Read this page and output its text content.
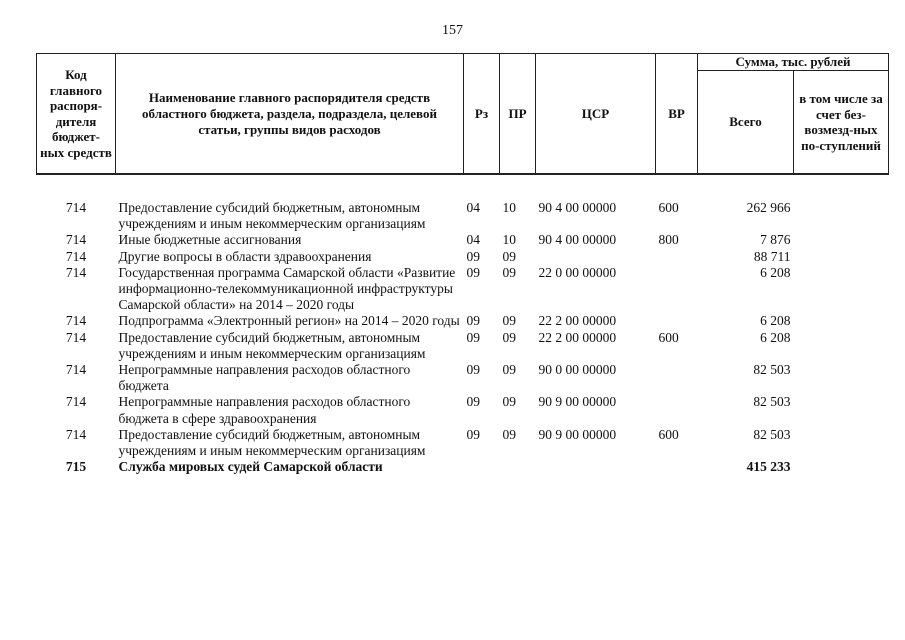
157
Код главного распоря-дителя бюджет-ных средств	Наименование главного распорядителя средств областного бюджета, раздела, подраздела, целевой статьи, группы видов расходов	Рз	ПР	ЦСР	ВР	Сумма, тыс. рублей	
						Всего	в том числе за счет без-возмезд-ных по-ступлений

714	Предоставление субсидий бюджетным, автономным учреждениям и иным некоммерческим организациям	04	10	90 4 00 00000	600	262 966	
714	Иные бюджетные ассигнования	04	10	90 4 00 00000	800	7 876	
714	Другие вопросы в области здравоохранения	09	09			88 711	
714	Государственная программа Самарской области «Развитие информационно-телекоммуникационной инфраструктуры Самарской области» на 2014 – 2020 годы	09	09	22 0 00 00000		6 208	
714	Подпрограмма «Электронный регион» на 2014 – 2020 годы	09	09	22 2 00 00000		6 208	
714	Предоставление субсидий бюджетным, автономным учреждениям и иным некоммерческим организациям	09	09	22 2 00 00000	600	6 208	
714	Непрограммные направления расходов областного бюджета	09	09	90 0 00 00000		82 503	
714	Непрограммные направления расходов областного бюджета в сфере здравоохранения	09	09	90 9 00 00000		82 503	
714	Предоставление субсидий бюджетным, автономным учреждениям и иным некоммерческим организациям	09	09	90 9 00 00000	600	82 503	
715	Служба мировых судей Самарской области					415 233	
